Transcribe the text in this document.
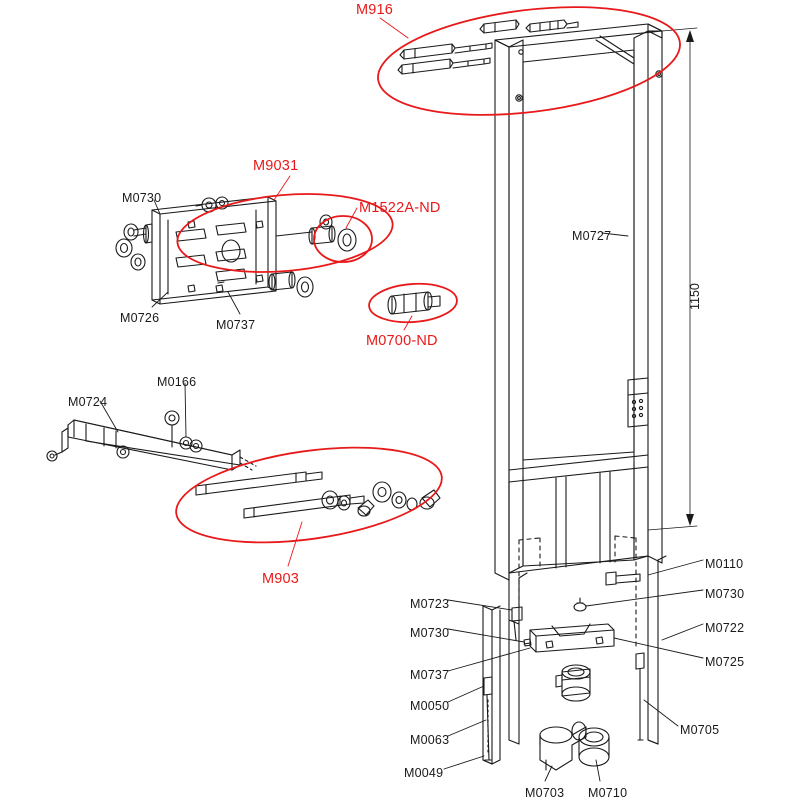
M916
M9031
M1522A-ND
M0700-ND
M903
M0730
M0726	M0737
M0727
M0166
M0724
M0110
M0730
M0722
M0725
M0723
M0730
M0737
M0050
M0063
M0049
M0705
M0703 M0710
1150
